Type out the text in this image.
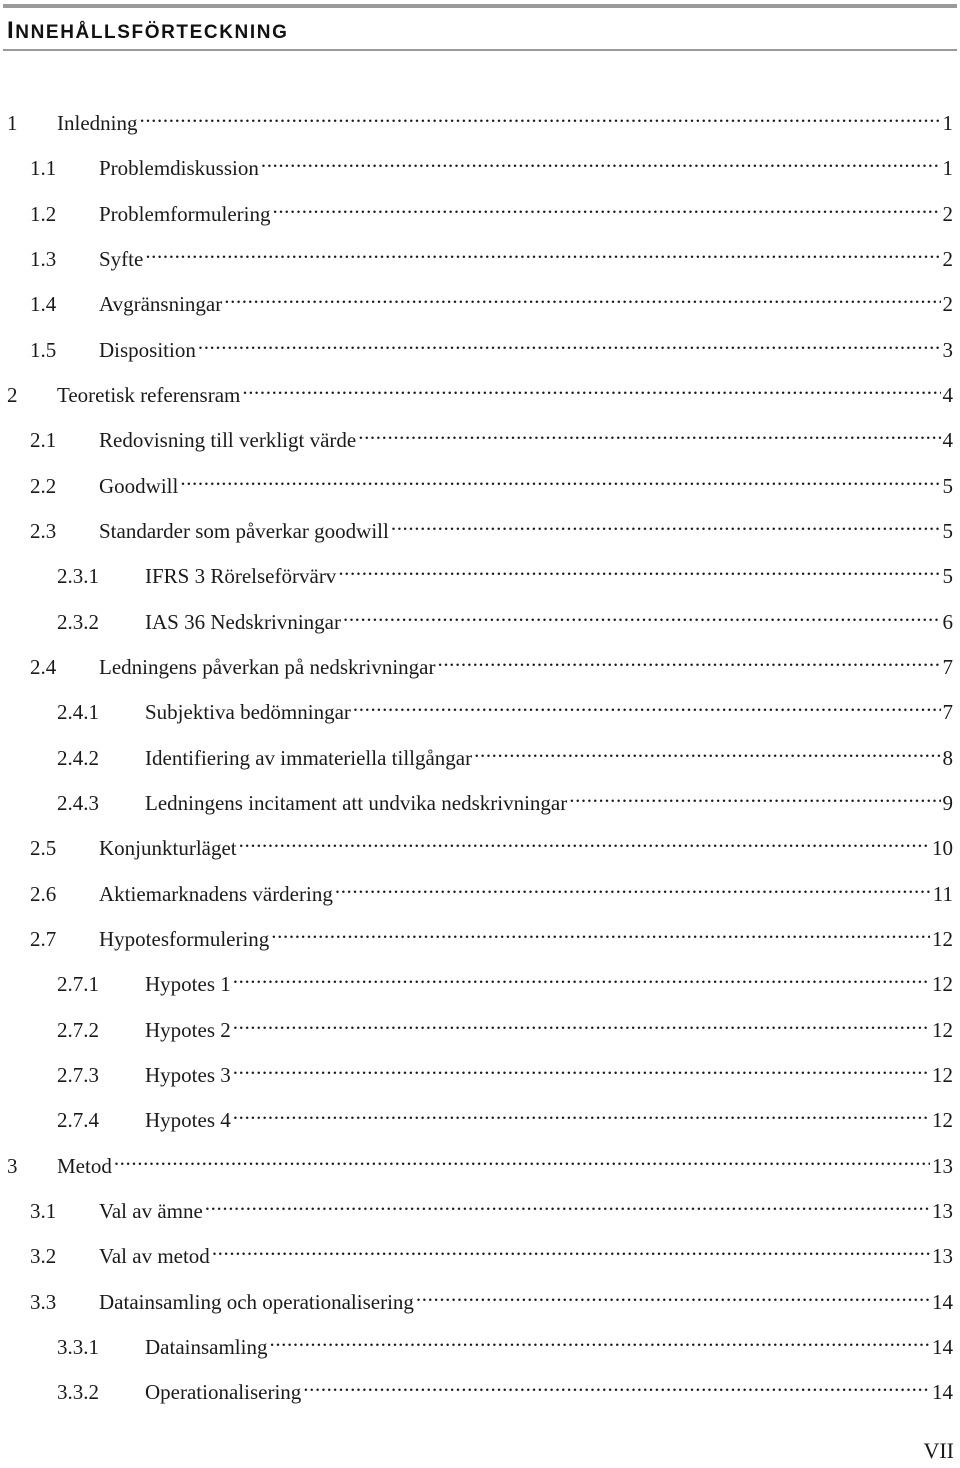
INNEHÅLLSFÖRTECKNING
1	Inledning .....	1
1.1	Problemdiskussion .....	1
1.2	Problemformulering .....	2
1.3	Syfte .....	2
1.4	Avgränsningar .....	2
1.5	Disposition .....	3
2	Teoretisk referensram .....	4
2.1	Redovisning till verkligt värde .....	4
2.2	Goodwill .....	5
2.3	Standarder som påverkar goodwill .....	5
2.3.1	IFRS 3 Rörelseförvärv .....	5
2.3.2	IAS 36 Nedskrivningar .....	6
2.4	Ledningens påverkan på nedskrivningar .....	7
2.4.1	Subjektiva bedömningar .....	7
2.4.2	Identifiering av immateriella tillgångar .....	8
2.4.3	Ledningens incitament att undvika nedskrivningar .....	9
2.5	Konjunkturläget .....	10
2.6	Aktiemarknadens värdering .....	11
2.7	Hypotesformulering .....	12
2.7.1	Hypotes 1 .....	12
2.7.2	Hypotes 2 .....	12
2.7.3	Hypotes 3 .....	12
2.7.4	Hypotes 4 .....	12
3	Metod .....	13
3.1	Val av ämne .....	13
3.2	Val av metod .....	13
3.3	Datainsamling och operationalisering .....	14
3.3.1	Datainsamling .....	14
3.3.2	Operationalisering .....	14
VII
